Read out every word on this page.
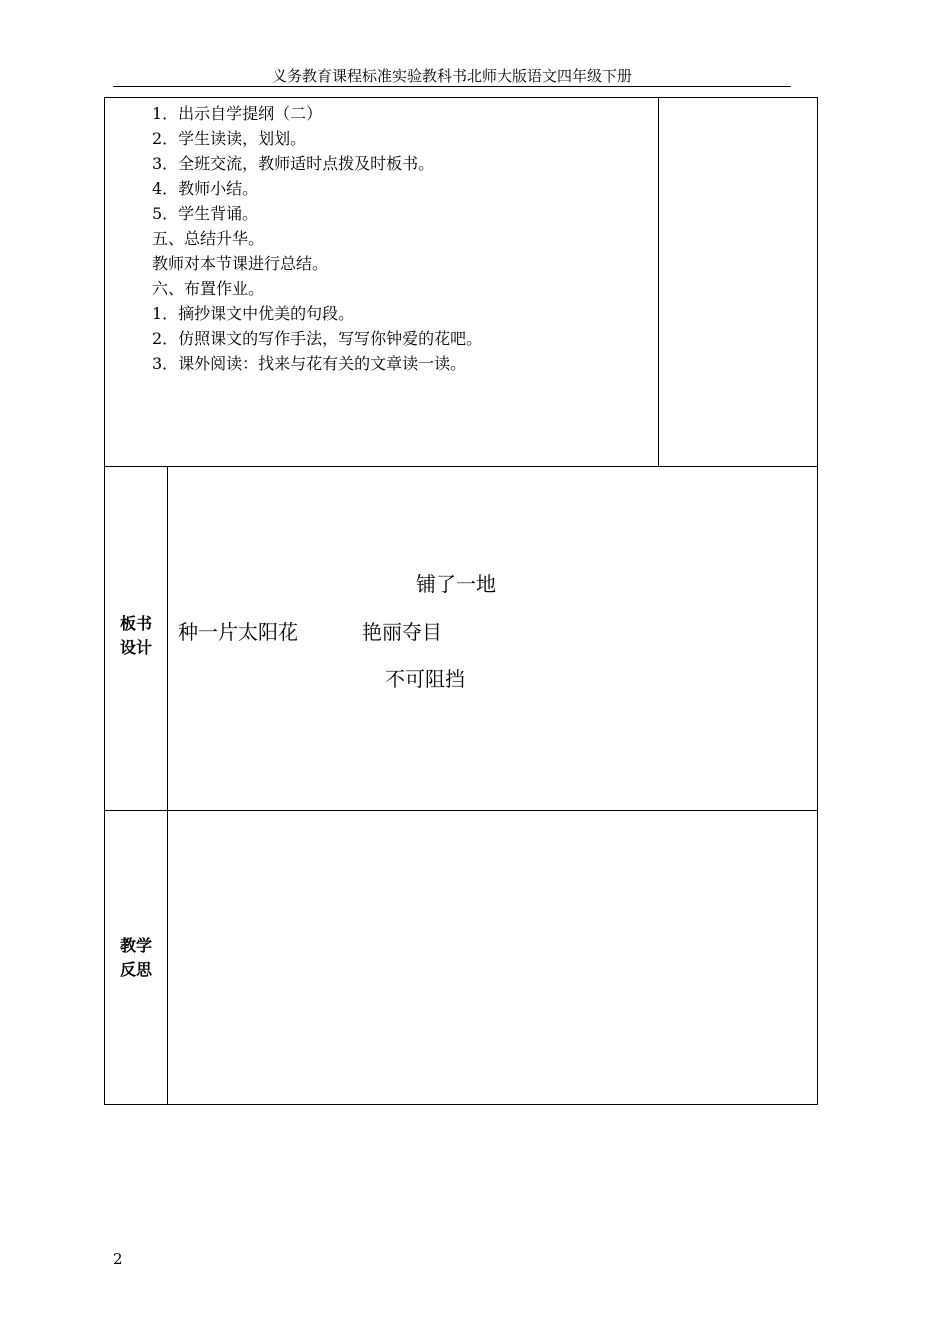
义务教育课程标准实验教科书北师大版语文四年级下册
1．出示自学提纲（二）
2．学生读读，划划。
3．全班交流，教师适时点拨及时板书。
4．教师小结。
5．学生背诵。
五、总结升华。
教师对本节课进行总结。
六、布置作业。
1．摘抄课文中优美的句段。
2．仿照课文的写作手法，写写你钟爱的花吧。
3．课外阅读：找来与花有关的文章读一读。
板书
设计
铺了一地
种一片太阳花	艳丽夺目
不可阻挡
教学
反思
2
